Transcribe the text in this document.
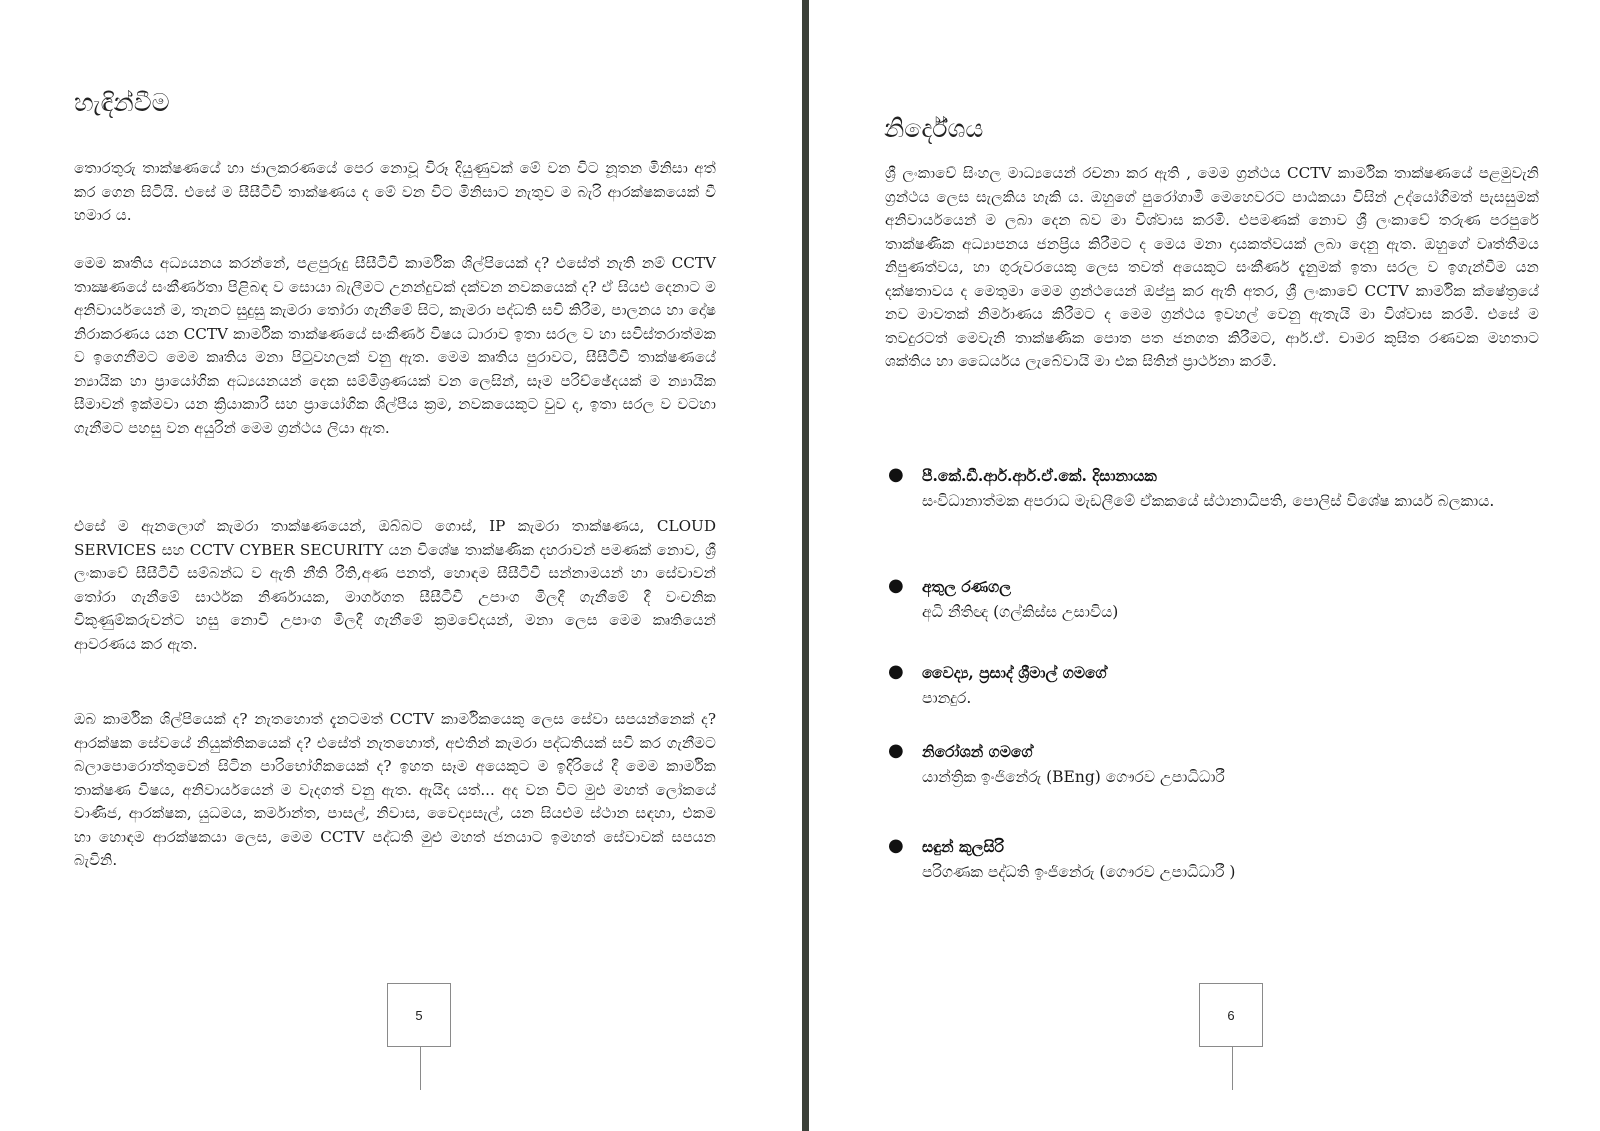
හැඳින්වීම

තොරතුරු තාක්ෂණයේ හා ජාලකරණයේ පෙර නොවූ විරූ දියුණුවක් මේ වන විට නූතන මිනිසා අත් කර ගෙන සිටියි. එසේ ම සීසීටීවී තාක්ෂණය ද මේ වන විට මිනිසාට නැතුව ම බැරි ආරක්ෂකයෙක් වී හමාර ය.

මෙම කෘතිය අධ්‍යයනය කරන්නේ, පළපුරුදු සීසීටීවී කාර්මික ශිල්පියෙක් ද? එසේත් නැති නම් CCTV තාක්‍ෂණයේ සංකීර්ණතා පිළිබඳ ව සොයා බැලීමට උනන්දුවක් දක්වන නවකයෙක් ද? ඒ සියළු දෙනාට ම අනිවාර්යයෙන් ම, තැනට සුදුසු කැමරා තෝරා ගැනීමේ සිට, කැමරා පද්ධති සවි කිරීම, පාලනය හා දෝෂ නිරාකරණය යන CCTV කාර්මික තාක්ෂණයේ සංකීර්ණ විෂය ධාරාව ඉතා සරල ව හා සවිස්තරාත්මක ව ඉගෙනීමට මෙම කෘතිය මනා පිටුවහලක් වනු ඇත. මෙම කෘතිය පුරාවට, සීසීටීවී තාක්ෂණයේ න්‍යායික හා ප්‍රායෝගික අධ්‍යයනයන් දෙක සම්මිශ්‍රණයක් වන ලෙසින්, සෑම පරිච්ඡේදයක් ම න්‍යායික සීමාවන් ඉක්මවා යන ක්‍රියාකාරී සහ ප්‍රායෝගික ශිල්පීය ක්‍රම, නවකයෙකුට වුව ද, ඉතා සරල ව වටහා ගැනීමට පහසු වන අයුරින් මෙම ග්‍රන්ථය ලියා ඇත.

එසේ ම ඇනලොග් කැමරා තාක්ෂණයෙන්, ඔබ්බට ගොස්, IP කැමරා තාක්ෂණය, CLOUD SERVICES සහ CCTV CYBER SECURITY යන විශේෂ තාක්ෂණික දහරාවන් පමණක් නොව, ශ්‍රී ලංකාවේ සීසීටීවී සම්බන්ධ ව ඇති නීති රීති,අණ පනත්, හොඳම සීසීටීවී සන්නාමයන් හා සේවාවන් තෝරා ගැනීමේ සාර්ථක නිර්ණායක, මාර්ගගත සීසීටීවී උපාංග මිලදී ගැනීමේ දී වංචනික විකුණුම්කරුවන්ට හසු නොවී උපාංග මිලදී ගැනීමේ ක්‍රමවේදයන්, මනා ලෙස මෙම කෘතියෙන් ආවරණය කර ඇත.

ඔබ කාර්මික ශිල්පියෙක් ද? නැතහොත් දැනටමත් CCTV කාර්මිකයෙකු ලෙස සේවා සපයන්නෙක් ද? ආරක්ෂක සේවයේ නියුක්තිකයෙක් ද? එසේත් නැතහොත්, අළුතින් කැමරා පද්ධතියක් සවි කර ගැනීමට බලාපොරොත්තුවෙන් සිටින පාරිභෝගිකයෙක් ද? ඉහත සෑම අයෙකුට ම ඉදිරියේ දී මෙම කාර්මික තාක්ෂණ විෂය, අනිවාර්යයෙන් ම වැදගත් වනු ඇත. ඇයිද යත්... අද වන විට මුළු මහත් ලෝකයේ වාණිජ, ආරක්ෂක, යුධමය, කර්මාන්ත, පාසල්, නිවාස, වෛද්‍යසැල්, යන සියළුම ස්ථාන සඳහා, එකම හා හොඳම ආරක්ෂකයා ලෙස, මෙම CCTV පද්ධති මුළු මහත් ජනයාට ඉමහත් සේවාවක් සපයන බැවිනි.

5
නිර්දේශය

ශ්‍රී ලංකාවේ සිංහල මාධ්‍යයෙන් රචනා කර ඇති , මෙම ග්‍රන්ථය CCTV කාර්මික තාක්ෂණයේ පළමුවැනි ග්‍රන්ථය ලෙස සැලකිය හැකි ය. ඔහුගේ පුරෝගාමී මෙහෙවරට පාඨකයා විසින් උද්යෝගිමත් පැසසුමක් අනිවාර්යයෙන් ම ලබා දෙන බව මා විශ්වාස කරමි. එපමණක් නොව ශ්‍රී ලංකාවේ තරුණ පරපුරේ තාක්ෂණික අධ්‍යාපනය ජනප්‍රිය කිරීමට ද මෙය මනා දායකත්වයක් ලබා දෙනු ඇත. ඔහුගේ වෘත්තීමය නිපුණත්වය, හා ගුරුවරයෙකු ලෙස තවත් අයෙකුට සංකීර්ණ දැනුමක් ඉතා සරල ව ඉගැන්වීම යන දක්ෂතාවය ද මෙතුමා මෙම ග්‍රන්ථයෙන් ඔප්පු කර ඇති අතර, ශ්‍රී ලංකාවේ CCTV කාර්මික ක්ෂේත්‍රයේ නව මාවතක් නිර්මාණය කිරීමට ද මෙම ග්‍රන්ථය ඉවහල් වෙනු ඇතැයි මා විශ්වාස කරමි. එසේ ම තවදුරටත් මෙවැනි තාක්ෂණික පොත පත ජනගත කිරීමට, ආර්.ඒ. චාමර කුසිත රණවක මහතාට ශක්තිය හා ධෛර්යය ලැබේවායි මා එක සිතින් ප්‍රාර්ථනා කරමි.

● පී.කේ.ඩී.ආර්.ආර්.ඒ.කේ. දිසානායක
සංවිධානාත්මක අපරාධ මැඩලීමේ ඒකකයේ ස්ථානාධිපති, පොලිස් විශේෂ කාර්ය බලකාය.
● අතුල රණගල
අධි නීතිඥ (ගල්කිස්ස උසාවිය)
● වෛද්‍ය, ප්‍රසාද් ශ්‍රීමාල් ගමගේ
පානදුර.
● නිරෝශන් ගමගේ
යාන්ත්‍රික ඉංජිනේරු (BEng) ගෞරව උපාධිධාරී
● සඳුන් කුලසිරි
පරිගණක පද්ධති ඉංජිනේරු (ගෞරව උපාධිධාරී )
6
